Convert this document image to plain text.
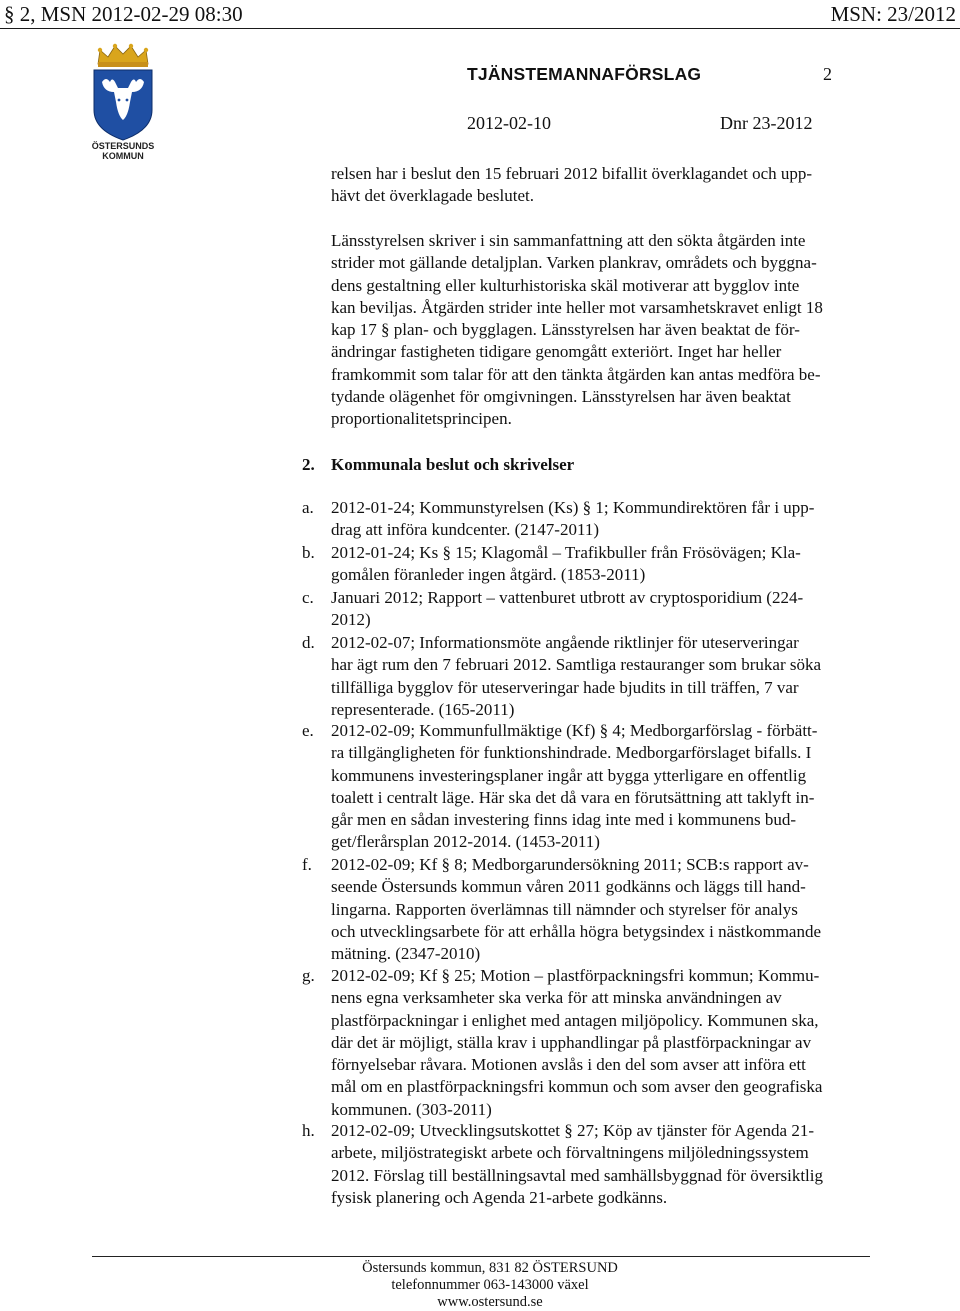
§ 2, MSN 2012-02-29 08:30	MSN: 23/2012
ÖSTERSUNDS
KOMMUN
TJÄNSTEMANNAFÖRSLAG	2
2012-02-10	Dnr 23-2012
relsen har i beslut den 15 februari 2012 bifallit överklagandet och upp-
hävt det överklagade beslutet.
Länsstyrelsen skriver i sin sammanfattning att den sökta åtgärden inte
strider mot gällande detaljplan. Varken plankrav, områdets och byggna-
dens gestaltning eller kulturhistoriska skäl motiverar att bygglov inte
kan beviljas. Åtgärden strider inte heller mot varsamhetskravet enligt 18
kap 17 § plan- och bygglagen. Länsstyrelsen har även beaktat de för-
ändringar fastigheten tidigare genomgått exteriört. Inget har heller
framkommit som talar för att den tänkta åtgärden kan antas medföra be-
tydande olägenhet för omgivningen. Länsstyrelsen har även beaktat
proportionalitetsprincipen.
2. Kommunala beslut och skrivelser
a. 2012-01-24; Kommunstyrelsen (Ks) § 1; Kommundirektören får i upp-
drag att införa kundcenter. (2147-2011)
b. 2012-01-24; Ks § 15; Klagomål – Trafikbuller från Frösövägen; Kla-
gomålen föranleder ingen åtgärd. (1853-2011)
c. Januari 2012; Rapport – vattenburet utbrott av cryptosporidium (224-
2012)
d. 2012-02-07; Informationsmöte angående riktlinjer för uteserveringar
har ägt rum den 7 februari 2012. Samtliga restauranger som brukar söka
tillfälliga bygglov för uteserveringar hade bjudits in till träffen, 7 var
representerade. (165-2011)
e. 2012-02-09; Kommunfullmäktige (Kf) § 4; Medborgarförslag - förbätt-
ra tillgängligheten för funktionshindrade. Medborgarförslaget bifalls. I
kommunens investeringsplaner ingår att bygga ytterligare en offentlig
toalett i centralt läge. Här ska det då vara en förutsättning att taklyft in-
går men en sådan investering finns idag inte med i kommunens bud-
get/flerårsplan 2012-2014. (1453-2011)
f. 2012-02-09; Kf § 8; Medborgarundersökning 2011; SCB:s rapport av-
seende Östersunds kommun våren 2011 godkänns och läggs till hand-
lingarna. Rapporten överlämnas till nämnder och styrelser för analys
och utvecklingsarbete för att erhålla högra betygsindex i nästkommande
mätning. (2347-2010)
g. 2012-02-09; Kf § 25; Motion – plastförpackningsfri kommun; Kommu-
nens egna verksamheter ska verka för att minska användningen av
plastförpackningar i enlighet med antagen miljöpolicy. Kommunen ska,
där det är möjligt, ställa krav i upphandlingar på plastförpackningar av
förnyelsebar råvara. Motionen avslås i den del som avser att införa ett
mål om en plastförpackningsfri kommun och som avser den geografiska
kommunen. (303-2011)
h. 2012-02-09; Utvecklingsutskottet § 27; Köp av tjänster för Agenda 21-
arbete, miljöstrategiskt arbete och förvaltningens miljöledningssystem
2012. Förslag till beställningsavtal med samhällsbyggnad för översiktlig
fysisk planering och Agenda 21-arbete godkänns.
Östersunds kommun, 831 82 ÖSTERSUND
telefonnummer 063-143000 växel
www.ostersund.se
